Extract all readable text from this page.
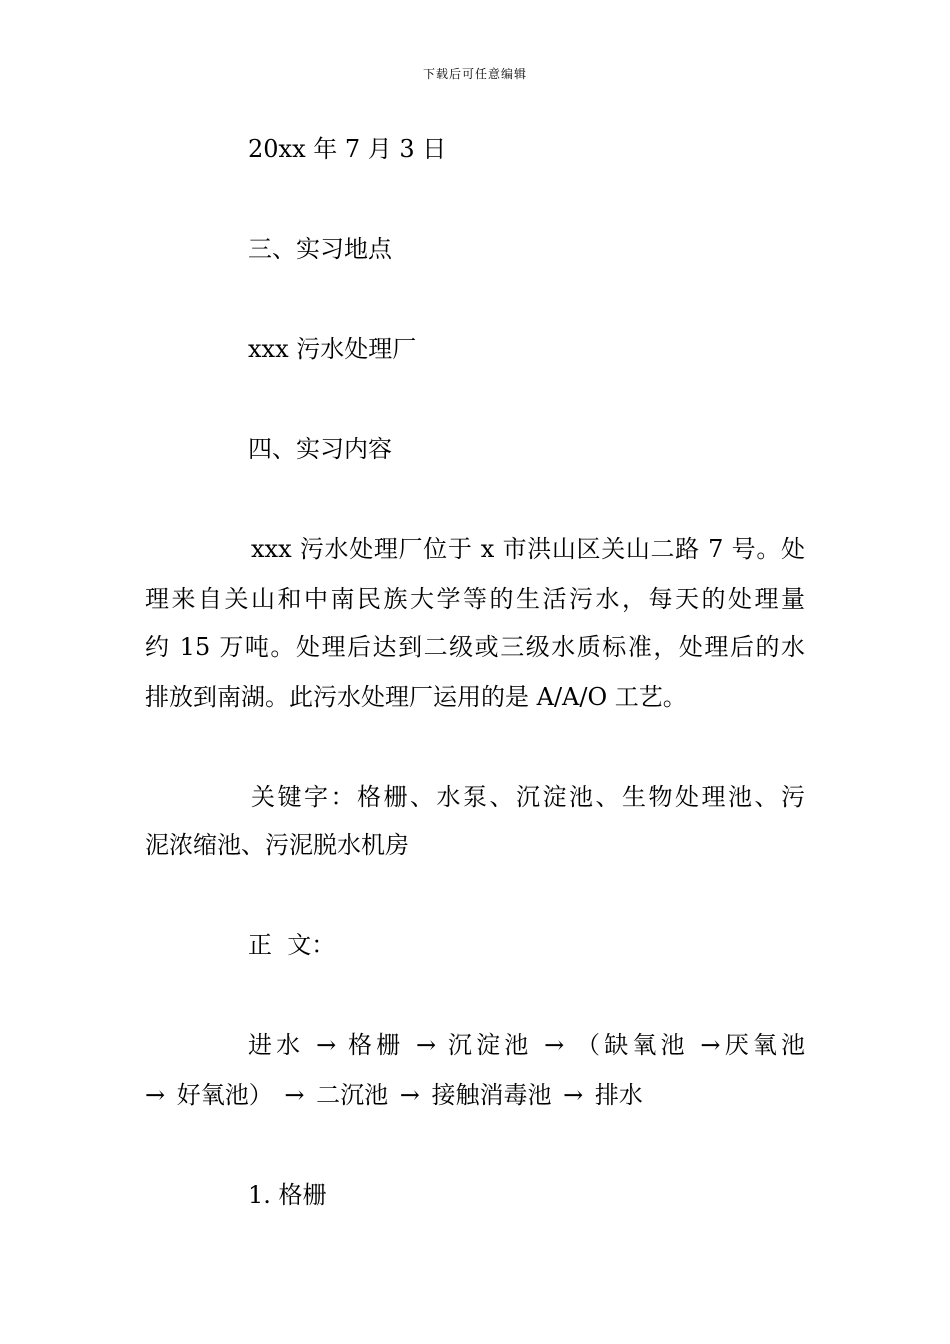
下载后可任意编辑

20xx 年 7 月 3 日

三、实习地点

xxx 污水处理厂

四、实习内容

xxx 污水处理厂位于 x 市洪山区关山二路 7 号。处

理来自关山和中南民族大学等的生活污水，每天的处理量

约 15 万吨。处理后达到二级或三级水质标准，处理后的水

排放到南湖。此污水处理厂运用的是 A/A/O 工艺。

关键字：格栅、水泵、沉淀池、生物处理池、污

泥浓缩池、污泥脱水机房

正  文：

进水 → 格栅 → 沉淀池 → （缺氧池 →厌氧池

→ 好氧池） → 二沉池 → 接触消毒池 → 排水

1. 格栅
